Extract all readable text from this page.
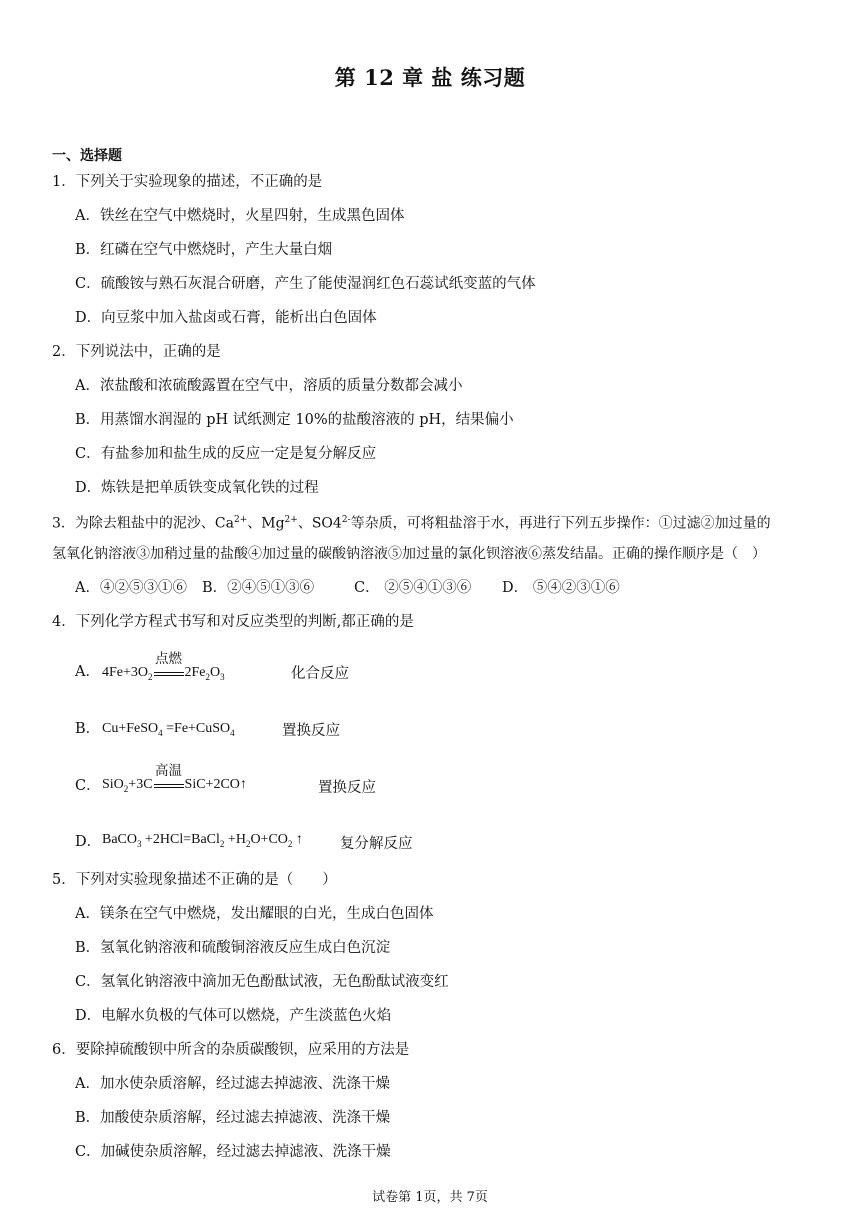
第 12 章 盐 练习题
一、选择题
1．下列关于实验现象的描述，不正确的是
A．铁丝在空气中燃烧时，火星四射，生成黑色固体
B．红磷在空气中燃烧时，产生大量白烟
C．硫酸铵与熟石灰混合研磨，产生了能使湿润红色石蕊试纸变蓝的气体
D．向豆浆中加入盐卤或石膏，能析出白色固体
2．下列说法中，正确的是
A．浓盐酸和浓硫酸露置在空气中，溶质的质量分数都会减小
B．用蒸馏水润湿的 pH 试纸测定 10%的盐酸溶液的 pH，结果偏小
C．有盐参加和盐生成的反应一定是复分解反应
D．炼铁是把单质铁变成氧化铁的过程
3．为除去粗盐中的泥沙、$Ca^{2+}$、$Mg^{2+}$、$SO4^{2-}$等杂质，可将粗盐溶于水，再进行下列五步操作：①过滤②加过量的
氢氧化钠溶液③加稍过量的盐酸④加过量的碳酸钠溶液⑤加过量的氯化钡溶液⑥蒸发结晶。正确的操作顺序是（　）
A．④②⑤③①⑥ B．②④⑤①③⑥	C． ②⑤④①③⑥ D． ⑤④②③①⑥
4．下列化学方程式书写和对反应类型的判断,都正确的是
A． $4Fe+3O_2$
点燃
$2Fe_2O_3$	化合反应
B． Cu+FeSO$_4$ =Fe+CuSO$_4$	置换反应
C． SiO$_2$+3C
高温
SiC+2CO↑	置换反应
D． BaCO$_3$ +2HCl=BaCl$_2$ $+H_2O+CO_2$ ↑	复分解反应
5．下列对实验现象描述不正确的是（　　）
A．镁条在空气中燃烧，发出耀眼的白光，生成白色固体
B．氢氧化钠溶液和硫酸铜溶液反应生成白色沉淀
C．氢氧化钠溶液中滴加无色酚酞试液，无色酚酞试液变红
D．电解水负极的气体可以燃烧，产生淡蓝色火焰
6．要除掉硫酸钡中所含的杂质碳酸钡，应采用的方法是
A．加水使杂质溶解，经过滤去掉滤液、洗涤干燥
B．加酸使杂质溶解，经过滤去掉滤液、洗涤干燥
C．加碱使杂质溶解，经过滤去掉滤液、洗涤干燥
试卷第 1页，共 7页
